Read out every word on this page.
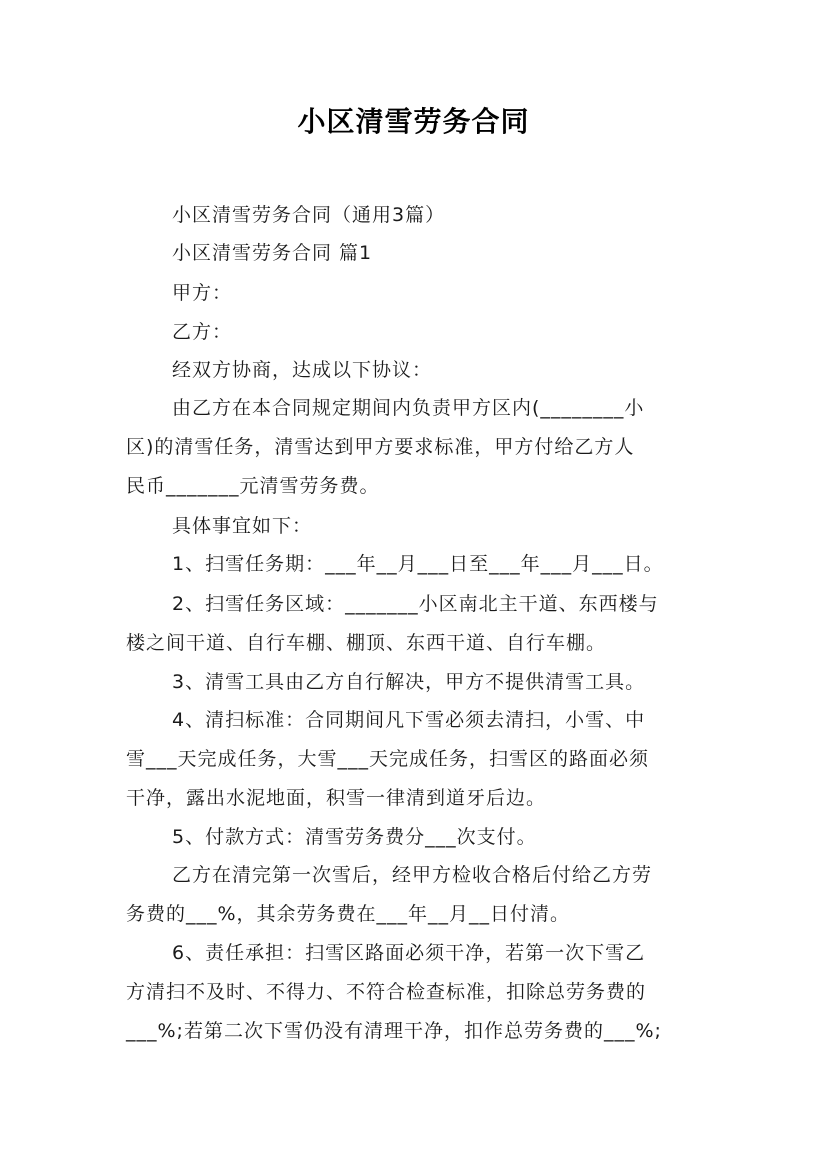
小区清雪劳务合同
小区清雪劳务合同（通用3篇）
小区清雪劳务合同 篇1
甲方：
乙方：
经双方协商，达成以下协议：
由乙方在本合同规定期间内负责甲方区内(________小
区)的清雪任务，清雪达到甲方要求标准，甲方付给乙方人
民币_______元清雪劳务费。
具体事宜如下：
1、扫雪任务期：___年__月___日至___年___月___日。
2、扫雪任务区域：_______小区南北主干道、东西楼与
楼之间干道、自行车棚、棚顶、东西干道、自行车棚。
3、清雪工具由乙方自行解决，甲方不提供清雪工具。
4、清扫标准：合同期间凡下雪必须去清扫，小雪、中
雪___天完成任务，大雪___天完成任务，扫雪区的路面必须
干净，露出水泥地面，积雪一律清到道牙后边。
5、付款方式：清雪劳务费分___次支付。
乙方在清完第一次雪后，经甲方检收合格后付给乙方劳
务费的___%，其余劳务费在___年__月__日付清。
6、责任承担：扫雪区路面必须干净，若第一次下雪乙
方清扫不及时、不得力、不符合检查标准，扣除总劳务费的
___%;若第二次下雪仍没有清理干净，扣作总劳务费的___%;
